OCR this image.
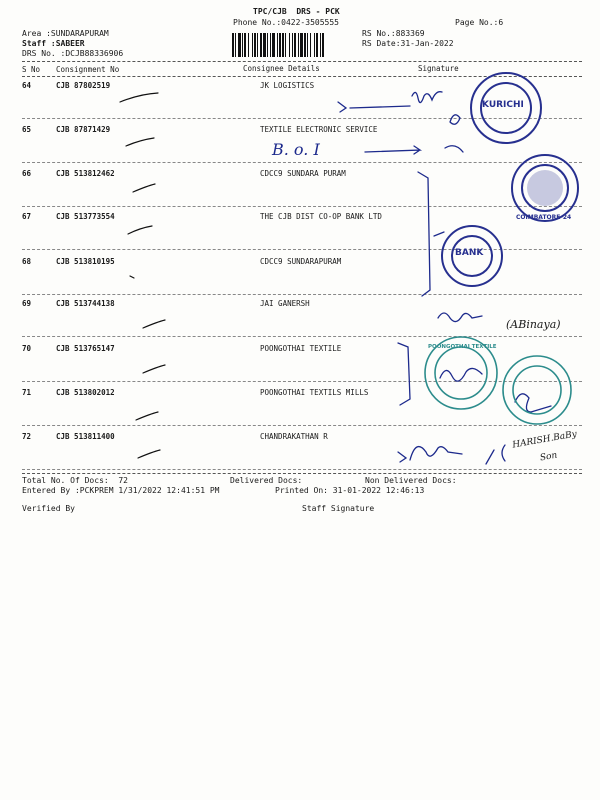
TPC/CJB  DRS - PCK
Phone No.:0422-3505555	Page No.:6
Area :SUNDARAPURAM
Staff :SABEER
DRS No. :DCJB88336906
RS No.:883369
RS Date:31-Jan-2022
S No Consignment No	Consignee Details	Signature
64	CJB 87802519	JK LOGISTICS
65	CJB 87871429	TEXTILE ELECTRONIC SERVICE
66	CJB 513812462	CDCC9 SUNDARA PURAM
67	CJB 513773554	THE CJB DIST CO-OP BANK LTD
68	CJB 513810195	CDCC9 SUNDARAPURAM
69	CJB 513744138	JAI GANERSH
70	CJB 513765147	POONGOTHAI TEXTILE
71	CJB 513802012	POONGOTHAI TEXTILS MILLS
72	CJB 513811400	CHANDRAKATHAN R
KURICHI
BANK
COIMBATORE-24
POONGOTHAI TEXTILE
B. o. I
(ABinaya)
HARISH.BaBy
Son
Total No. Of Docs:  72	Delivered Docs:	Non Delivered Docs:
Entered By :PCKPREM 1/31/2022 12:41:51 PM	Printed On: 31-01-2022 12:46:13
Verified By	Staff Signature
